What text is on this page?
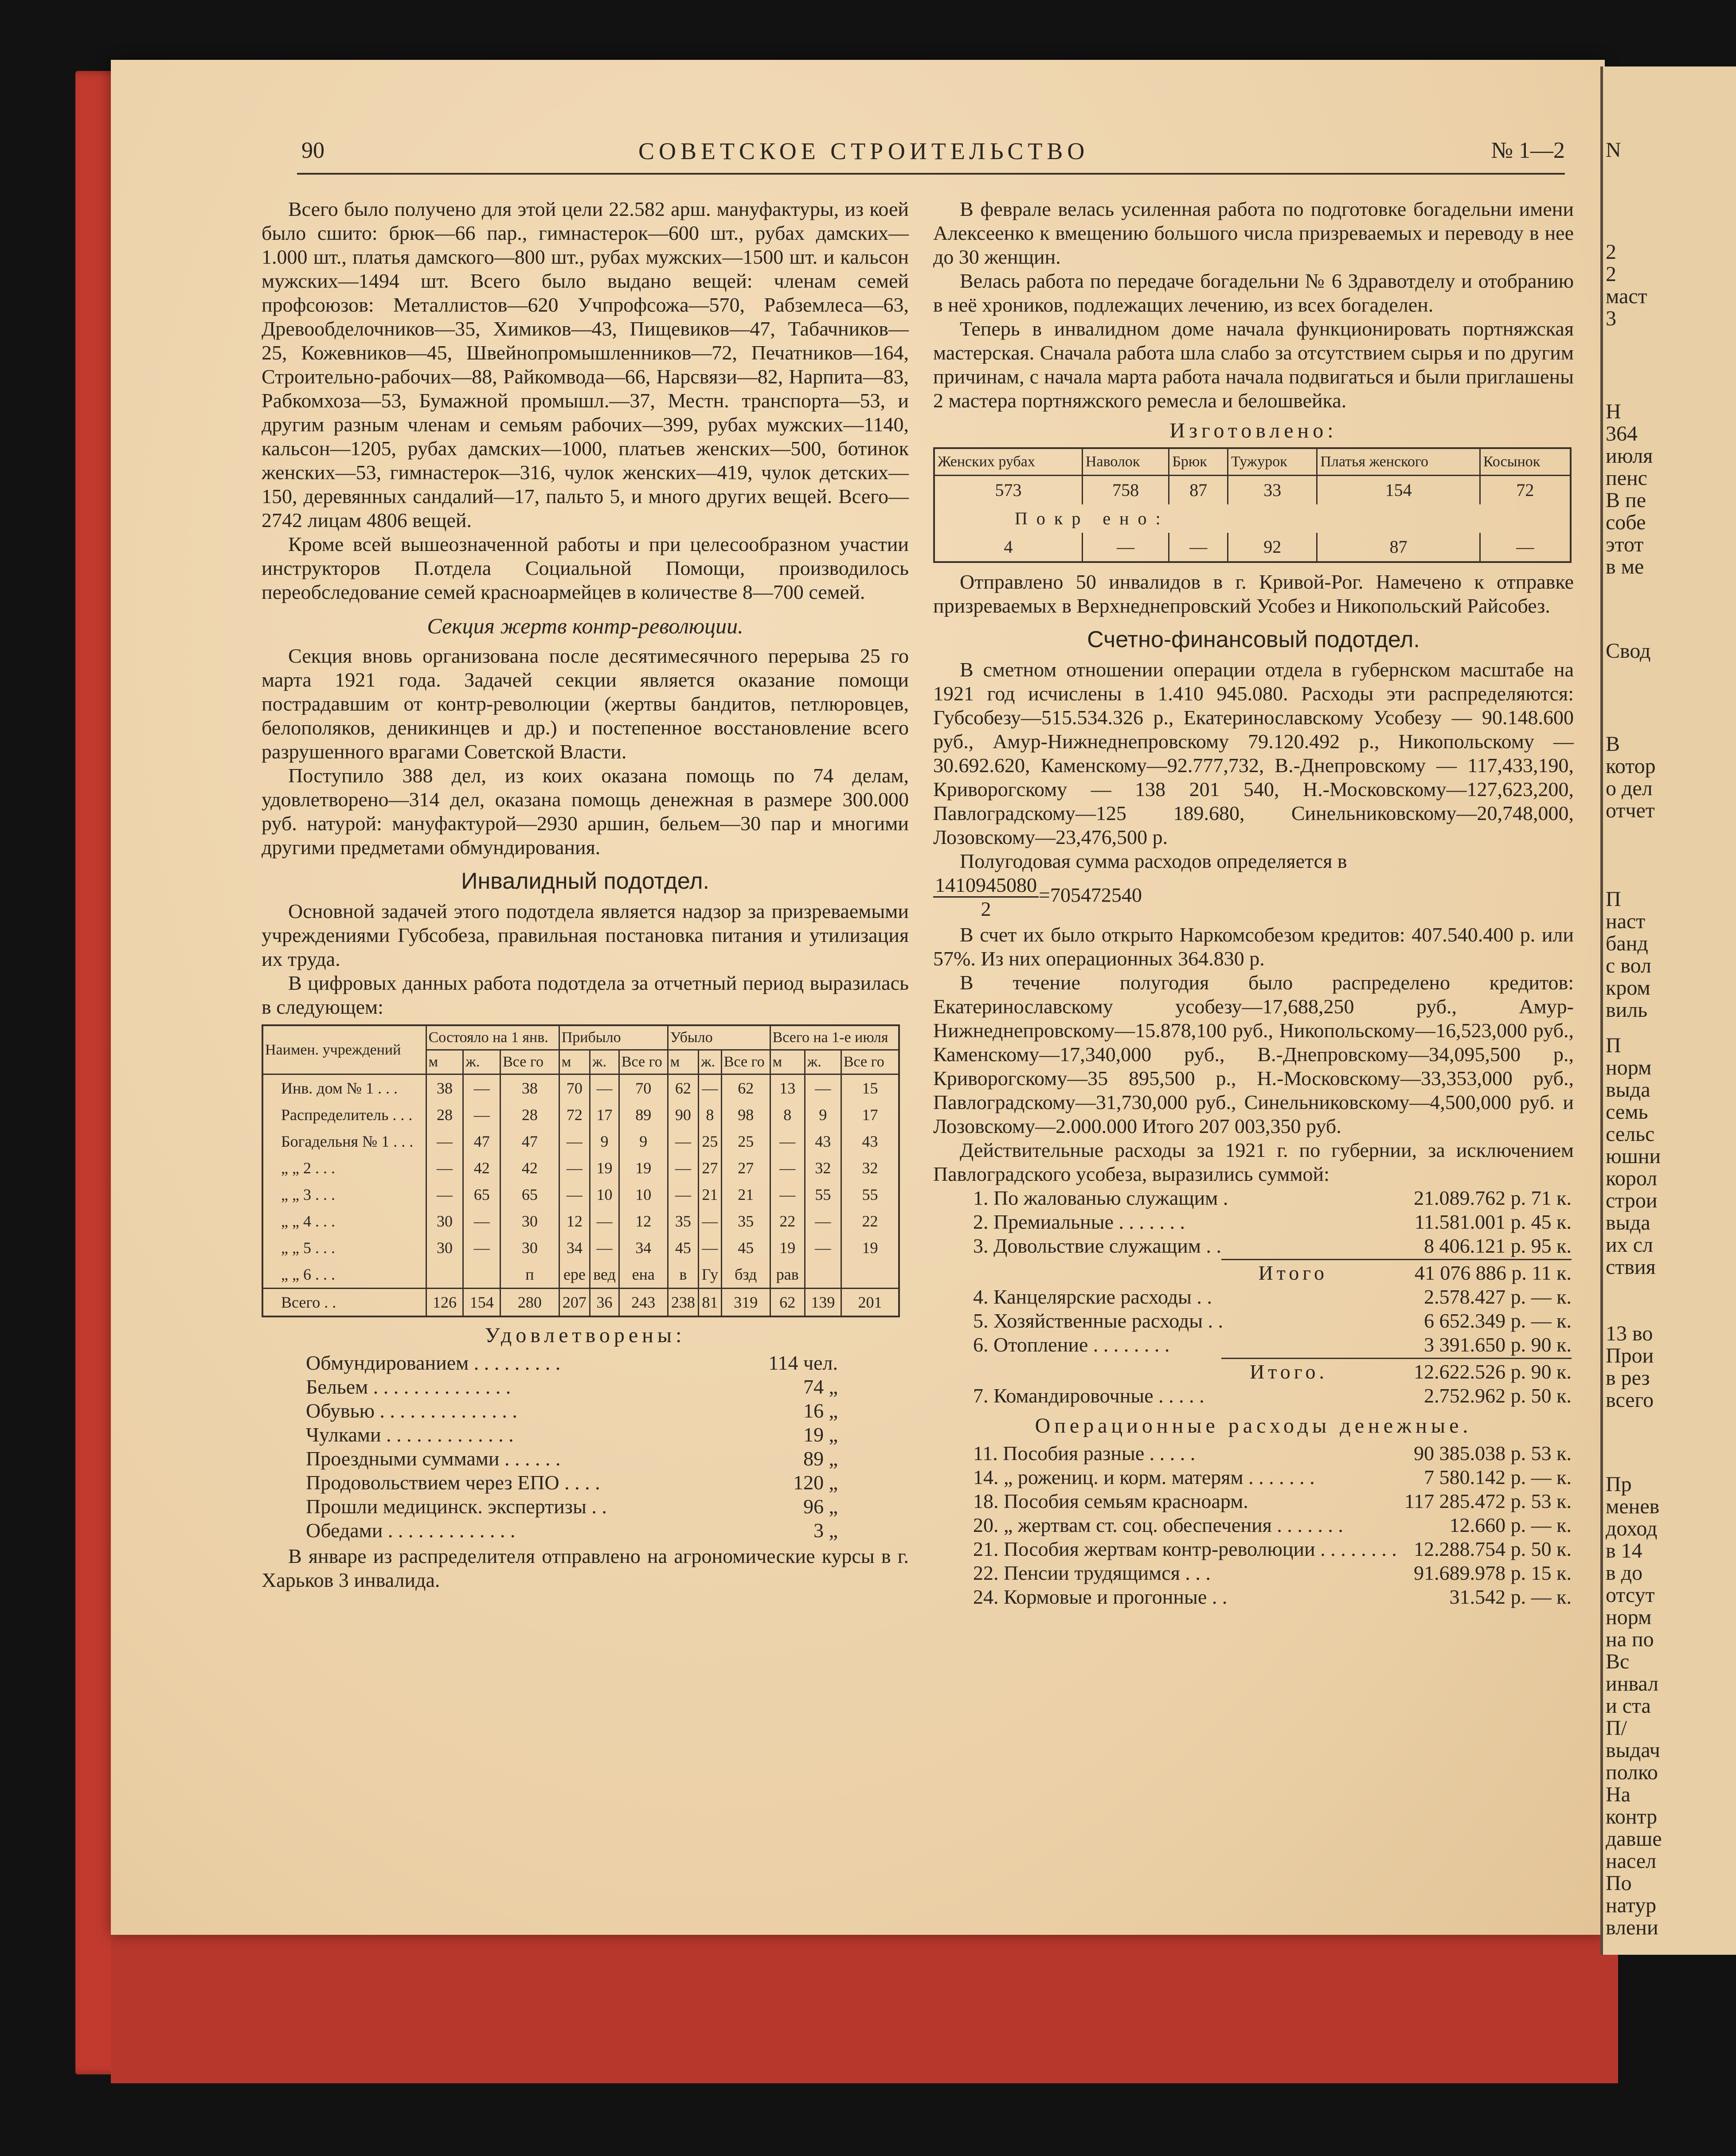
N
2
2
маст
3
Н
364
июля
пенс
В пе
собе
этот
в ме
Свод
В
котор
о дел
отчет
П
наст
банд
с вол
кром
виль
П
норм
выда
семь
сельс
юшни
корол
строи
выда
их сл
ствия
13 во
Прои
в рез
всего
Пр
менев
доход
в 14
в до
отсут
норм
на по
Вс
инвал
и ста
П/
выдач
полко
На
контр
давше
насел
По
натур
влени
90	СОВЕТСКОЕ СТРОИТЕЛЬСТВО	№ 1—2

Всего было получено для этой цели 22.582 арш. мануфактуры, из коей было сшито: брюк—66 пар., гимнастерок—600 шт., рубах дамских—1.000 шт., платья дамского—800 шт., рубах мужских—1500 шт. и кальсон мужских—1494 шт. Всего было выдано вещей: членам семей профсоюзов: Металлистов—620 Учпрофсожа—570, Рабземлеса—63, Древообделочников—35, Химиков—43, Пищевиков—47, Табачников—25, Кожевников—45, Швейнопромышленников—72, Печатников—164, Строительно-рабочих—88, Райкомвода—66, Нарсвязи—82, Нарпита—83, Рабкомхоза—53, Бумажной промышл.—37, Местн. транспорта—53, и другим разным членам и семьям рабочих—399, рубах мужских—1140, кальсон—1205, рубах дамских—1000, платьев женских—500, ботинок женских—53, гимнастерок—316, чулок женских—419, чулок детских—150, деревянных сандалий—17, пальто 5, и много других вещей. Всего—2742 лицам 4806 вещей.

Кроме всей вышеозначенной работы и при целесообразном участии инструкторов П.отдела Социальной Помощи, производилось переобследование семей красноармейцев в количестве 8—700 семей.

Секция жертв контр-революции.

Секция вновь организована после десятимесячного перерыва 25 го марта 1921 года. Задачей секции является оказание помощи пострадавшим от контр-революции (жертвы бандитов, петлюровцев, белополяков, деникинцев и др.) и постепенное восстановление всего разрушенного врагами Советской Власти.

Поступило 388 дел, из коих оказана помощь по 74 делам, удовлетворено—314 дел, оказана помощь денежная в размере 300.000 руб. натурой: мануфактурой—2930 аршин, бельем—30 пар и многими другими предметами обмундирования.

Инвалидный подотдел.

Основной задачей этого подотдела является надзор за призреваемыми учреждениями Губсобеза, правильная постановка питания и утилизация их труда.

В цифровых данных работа подотдела за отчетный период выразилась в следующем:

Наимен. учреждений	Состояло на 1 янв.			Прибыло			Убыло			Всего на 1-е июля		
	м	ж.	Все го	м	ж.	Все го	м	ж.	Все го	м	ж.	Все го
Инв. дом № 1 . . .	38	—	38	70	—	70	62	—	62	13	—	15
Распределитель . . .	28	—	28	72	17	89	90	8	98	8	9	17
Богадельня № 1 . . .	—	47	47	—	9	9	—	25	25	—	43	43
„ „ 2 . . .	—	42	42	—	19	19	—	27	27	—	32	32
„ „ 3 . . .	—	65	65	—	10	10	—	21	21	—	55	55
„ „ 4 . . .	30	—	30	12	—	12	35	—	35	22	—	22
„ „ 5 . . .	30	—	30	34	—	34	45	—	45	19	—	19
„ „ 6 . . .			п	ере	вед	ена	в	Гу	бзд	рав		
Всего . .	126	154	280	207	36	243	238	81	319	62	139	201
Удовлетворены:
Обмундированием . . . . . . . . .	114 чел.
Бельем . . . . . . . . . . . . . .	74 „
Обувью . . . . . . . . . . . . . .	16 „
Чулками . . . . . . . . . . . . .	19 „
Проездными суммами . . . . . .	89 „
Продовольствием через ЕПО . . . .	120 „
Прошли медицинск. экспертизы . .	96 „
Обедами . . . . . . . . . . . . .	3 „

В январе из распределителя отправлено на агрономические курсы в г. Харьков 3 инвалида.

В феврале велась усиленная работа по подготовке богадельни имени Алексеенко к вмещению большого числа призреваемых и переводу в нее до 30 женщин.

Велась работа по передаче богадельни № 6 Здравотделу и отобранию в неё хроников, подлежащих лечению, из всех богаделен.

Теперь в инвалидном доме начала функционировать портняжская мастерская. Сначала работа шла слабо за отсутствием сырья и по другим причинам, с начала марта работа начала подвигаться и были приглашены 2 мастера портняжского ремесла и белошвейка.

Изготовлено:
Женских рубах	Наволок	Брюк	Тужурок	Платья женского	Косынок
573	758	87	33	154	72
Покр ено:					
4	—	—	92	87	—

Отправлено 50 инвалидов в г. Кривой-Рог. Намечено к отправке призреваемых в Верхнеднепровский Усобез и Никопольский Райсобез.

Счетно-финансовый подотдел.

В сметном отношении операции отдела в губернском масштабе на 1921 год исчислены в 1.410 945.080. Расходы эти распределяются: Губсобезу—515.534.326 р., Екатеринославскому Усобезу — 90.148.600 руб., Амур-Нижнеднепровскому 79.120.492 р., Никопольскому — 30.692.620, Каменскому—92.777,732, В.-Днепровскому — 117,433,190, Криворогскому — 138 201 540, Н.-Московскому—127,623,200, Павлоградскому—125 189.680, Синельниковскому—20,748,000, Лозовскому—23,476,500 р.

Полугодовая сумма расходов определяется в

$\frac{1410945080}{2} =705472540$

В счет их было открыто Наркомсобезом кредитов: 407.540.400 р. или 57%. Из них операционных 364.830 р.

В течение полугодия было распределено кредитов: Екатеринославскому усобезу—17,688,250 руб., Амур-Нижнеднепровскому—15.878,100 руб., Никопольскому—16,523,000 руб., Каменскому—17,340,000 руб., В.-Днепровскому—34,095,500 р., Криворогскому—35 895,500 р., Н.-Московскому—33,353,000 руб., Павлоградскому—31,730,000 руб., Синельниковскому—4,500,000 руб. и Лозовскому—2.000.000 Итого 207 003,350 руб.

Действительные расходы за 1921 г. по губернии, за исключением Павлоградского усобеза, выразились суммой:

1. По жалованью служащим .	21.089.762 р. 71 к.
2. Премиальные . . . . . . .	11.581.001 р. 45 к.
3. Довольствие служащим . .	8 406.121 р. 95 к.
Итого	41 076 886 р. 11 к.
4. Канцелярские расходы . .	2.578.427 р. — к.
5. Хозяйственные расходы . .	6 652.349 р. — к.
6. Отопление . . . . . . . .	3 391.650 р. 90 к.
Итого.	12.622.526 р. 90 к.
7. Командировочные . . . . .	2.752.962 р. 50 к.
Операционные расходы денежные.
11. Пособия разные . . . . .	90 385.038 р. 53 к.
14. „ рожениц. и корм. матерям . . . . . . .	7 580.142 р. — к.
18. Пособия семьям красноарм.	117 285.472 р. 53 к.
20. „ жертвам ст. соц. обеспечения . . . . . . .	12.660 р. — к.
21. Пособия жертвам контр-революции . . . . . . . . 12.288.754 р. 50 к.
22. Пенсии трудящимся . . .	91.689.978 р. 15 к.
24. Кормовые и прогонные . .	31.542 р. — к.
